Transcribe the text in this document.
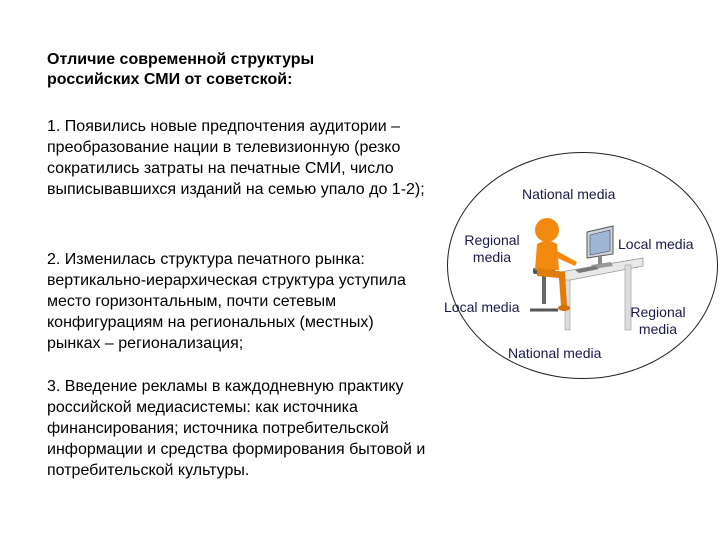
Отличие современной структуры российских СМИ от советской:
1. Появились новые предпочтения аудитории – преобразование нации в телевизионную (резко сократились затраты на печатные СМИ, число выписывавшихся изданий на семью упало до 1-2);
2. Изменилась структура печатного рынка: вертикально-иерархическая структура уступила место горизонтальным, почти сетевым конфигурациям на региональных (местных) рынках – регионализация;
3. Введение рекламы в каждодневную практику российской медиасистемы: как источника финансирования; источника потребительской информации и средства формирования бытовой и потребительской культуры.
National media
Regional media
Local media
Local media	Regional media
National media
